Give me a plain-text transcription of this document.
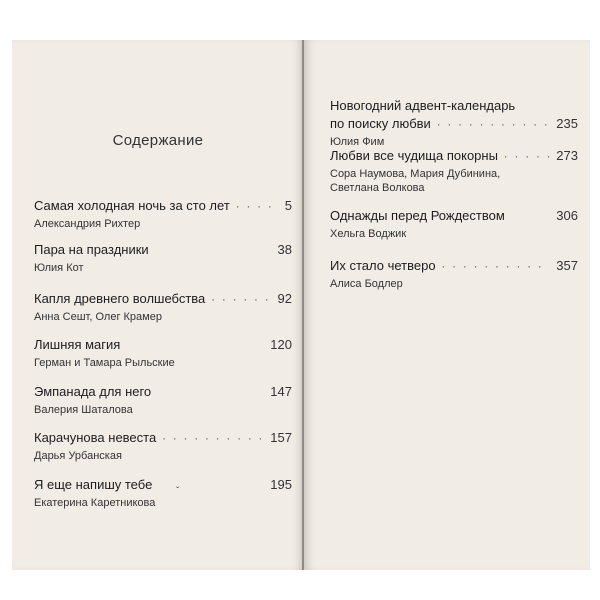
Содержание
Самая холодная ночь за сто лет · · ·	5
Александрия Рихтер
Пара на праздники	38
Юлия Кот
Капля древнего волшебства · · ·	92
Анна Сешт, Олег Крамер
Лишняя магия	120
Герман и Тамара Рыльские
Эмпанада для него	147
Валерия Шаталова
Карачунова невеста · · ·	157
Дарья Урбанская
Я еще напишу тебе	195
Екатерина Каретникова
Новогодний адвент-календарь
по поиску любви · · ·	235
Юлия Фим
Любви все чудища покорны · · ·	273
Сора Наумова, Мария Дубинина,
Светлана Волкова
Однажды перед Рождеством	306
Хельга Воджик
Их стало четверо · · ·	357
Алиса Бодлер
ˇ
